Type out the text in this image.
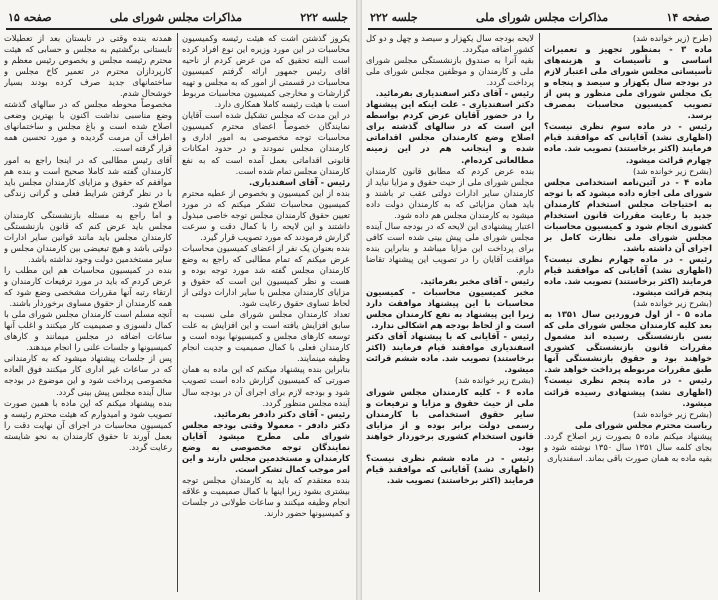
جلسه ۲۲۲
مذاکرات مجلس شورای ملی
صفحه ۱۵

یکروز گذشتن اشت که هیئت رئیسه وکمیسیون محاسبات در این مورد وزیره این نوع افراد کرده است البته تحقیق که من عرض کردم از ناحیه اقای رئیس جمهور ارائه گرفتم کمیسیون محاسبات در قسمتی از امور که به مجلس و تهیه گزارشات و مخارجی کمیسیون محاسبات مربوط است با هیئت رئیسه کاملا همکاری دارد.

در این مدت که مجلس تشکیل شده است آقایان نمایندگان خصوصاً اعضای محترم کمیسیون محاسبات توجه مخصوصی به امور اداری و کارمندان مجلس نمودند و در حدود امکانات قانونی اقداماتی بعمل آمده است که به نفع کارمندان مجلس تمام شده است.

رئیس - آقای اسفندیاری.

بنده از این کمیسیون و بخصوص از عطیه محترم کمیسیون محاسبات تشکر میکنم که در مورد تعیین حقوق کارمندان مجلس توجه خاصی مبذول داشتند و این لایحه را با کمال دقت و سرعت گزارش فرمودند که مورد تصویب قرار گیرد.

بنده بعنوان یک نفر از اعضای کمیسیون محاسبات عرض میکنم که تمام مطالبی که راجع به وضع کارمندان مجلس گفته شد مورد توجه بوده و هست و نظر کمیسیون این است که حقوق و مزایای کارمندان مجلس با سایر ادارات دولتی از لحاظ تساوی حقوق رعایت شود.

تعداد کارمندان مجلس شورای ملی نسبت به سابق افزایش یافته است و این افزایش به علت توسعه کارهای مجلس و کمیسیونها بوده است و کارمندان فعلی با کمال صمیمیت و جدیت انجام وظیفه مینمایند.

بنابراین بنده پیشنهاد میکنم که این ماده به همان صورتی که کمیسیون گزارش داده است تصویب شود و بودجه لازم برای اجرای آن در بودجه سال آینده مجلس منظور گردد.

رئیس - آقای دکتر دادفر بفرمائید.

دکتر دادفر - معمولا وقتی بودجه مجلس شورای ملی مطرح میشود آقایان نمایندگان توجه مخصوصی به وضع کارمندان و مستخدمین مجلس دارند و این امر موجب کمال تشکر است.

بنده معتقدم که باید به کارمندان مجلس توجه بیشتری بشود زیرا اینها با کمال صمیمیت و علاقه انجام وظیفه میکنند و ساعات طولانی در جلسات و کمیسیونها حضور دارند.

همدنه بنده وقتی در تابستان بعد از تعطیلات تابستانی برگشتیم به مجلس و حسابی که هیئت محترم رئیسه مجلس و بخصوص رئیس معظم و کارپردازان محترم در تعمیر کاخ مجلس و ساختمانهای جدید صرف کرده بودند بسیار خوشحال شدم.

مخصوصاً محوطه مجلس که در سالهای گذشته وضع مناسبی نداشت اکنون با بهترین وضعی اصلاح شده است و باغ مجلس و ساختمانهای اطراف آن مرمت گردیده و مورد تحسین همه قرار گرفته است.

آقای رئیس مطالبی که در اینجا راجع به امور کارمندان گفته شد کاملا صحیح است و بنده هم موافقم که حقوق و مزایای کارمندان مجلس باید با در نظر گرفتن شرایط فعلی و گرانی زندگی اصلاح شود.

و اما راجع به مسئله بازنشستگی کارمندان مجلس باید عرض کنم که قانون بازنشستگی کارمندان مجلس باید مانند قوانین سایر ادارات دولتی باشد و هیچ تبعیضی بین کارمندان مجلس و سایر مستخدمین دولت وجود نداشته باشد.

بنده در کمیسیون محاسبات هم این مطلب را عرض کردم که باید در مورد ترفیعات کارمندان و ارتقاء رتبه آنها مقررات مشخصی وضع شود که همه کارمندان از حقوق مساوی برخوردار باشند.

آنچه مسلم است کارمندان مجلس شورای ملی با کمال دلسوزی و صمیمیت کار میکنند و اغلب آنها ساعات اضافه در مجلس میمانند و کارهای کمیسیونها و جلسات علنی را انجام میدهند.

پس از جلسات پیشنهاد میشود که به کارمندانی که در ساعات غیر اداری کار میکنند فوق العاده مخصوصی پرداخت شود و این موضوع در بودجه سال آینده مجلس پیش بینی گردد.

بنده پیشنهاد میکنم که این ماده با همین صورت تصویب شود و امیدوارم که هیئت محترم رئیسه و کمیسیون محاسبات در اجرای آن نهایت دقت را بعمل آورند تا حقوق کارمندان به نحو شایسته رعایت گردد.

صفحه ۱۴
مذاکرات مجلس شورای ملی
جلسه ۲۲۲

(طرح (زیر خوانده شد)

ماده ۳ - بمنظور تجهیز و تعمیرات اساسی و تأسیسات و هزینه‌های تأسیساتی مجلس شورای ملی اعتبار لازم در بودجه سال یکهزار و سیصد و پنجاه و یک مجلس شورای ملی منظور و پس از تصویب کمیسیون محاسبات بمصرف برسد.

رئیس - در ماده سوم نظری نیست؟ (اظهاری نشد) آقایانی که موافقند قیام فرمایند (اکثر برخاستند) تصویب شد. ماده چهارم قرائت میشود.

(بشرح زیر خوانده شد)

ماده ۴ - در آئین‌نامه استخدامی مجلس شورای ملی اجازه داده میشود که با توجه به احتیاجات مجلس استخدام کارمندان جدید با رعایت مقررات قانون استخدام کشوری انجام شود و کمیسیون محاسبات مجلس شورای ملی نظارت کامل بر اجرای آن داشته باشد.

رئیس - در ماده چهارم نظری نیست؟ (اظهاری نشد) آقایانی که موافقند قیام فرمایند (اکثر برخاستند) تصویب شد. ماده پنجم قرائت میشود.

(بشرح زیر خوانده شد)

ماده ۵ - از اول فروردین سال ۱۳۵۱ به بعد کلیه کارمندان مجلس شورای ملی که بسن بازنشستگی رسیده اند مشمول مقررات قانون بازنشستگی کشوری خواهند بود و حقوق بازنشستگی آنها طبق مقررات مربوطه پرداخت خواهد شد.

رئیس - در ماده پنجم نظری نیست؟ (اظهاری نشد) پیشنهادی رسیده قرائت میشود.

(بشرح زیر خوانده شد)

ریاست محترم مجلس شورای ملی

پیشنهاد میکنم ماده ۵ بصورت زیر اصلاح گردد. بجای کلمه سال ۱۳۵۱ سال ۱۳۵۰ نوشته شود و بقیه ماده به همان صورت باقی بماند. اسفندیاری

لایحه بودجه سال یکهزار و سیصد و چهل و دو کل کشور اضافه میگردد.

بقیه آنرا به صندوق بازنشستگی مجلس شورای ملی و کارمندان و موظفین مجلس شورای ملی پرداخت گردد.

رئیس - آقای دکتر اسفندیاری بفرمائید.

دکتر اسفندیاری - علت اینکه این پیشنهاد را در حضور آقایان عرض کردم بواسطه این است که در سالهای گذشته برای اصلاح وضع کارمندان مجلس اقداماتی شده و اینجانب هم در این زمینه مطالعاتی کرده‌ام.

بنده عرض کردم که مطابق قانون کارمندان مجلس شورای ملی از حیث حقوق و مزایا نباید از کارمندان سایر ادارات دولتی عقب تر باشند و باید همان مزایائی که به کارمندان دولت داده میشود به کارمندان مجلس هم داده شود.

اعتبار پیشنهادی این لایحه که در بودجه سال آینده مجلس شورای ملی پیش بینی شده است کافی برای پرداخت این مزایا میباشد و بنابراین بنده موافقت آقایان را در تصویب این پیشنهاد تقاضا دارم.

رئیس - آقای مخبر بفرمائید.

مخبر کمیسیون محاسبات - کمیسیون محاسبات با این پیشنهاد موافقت دارد زیرا این پیشنهاد به نفع کارمندان مجلس است و از لحاظ بودجه هم اشکالی ندارد.

رئیس - آقایانی که با پیشنهاد آقای دکتر اسفندیاری موافقند قیام فرمایند (اکثر برخاستند) تصویب شد. ماده ششم قرائت میشود.

(بشرح زیر خوانده شد)

ماده ۶ - کلیه کارمندان مجلس شورای ملی از حیث حقوق و مزایا و ترفیعات و سایر حقوق استخدامی با کارمندان رسمی دولت برابر بوده و از مزایای قانون استخدام کشوری برخوردار خواهند بود.

رئیس - در ماده ششم نظری نیست؟ (اظهاری نشد) آقایانی که موافقند قیام فرمایند (اکثر برخاستند) تصویب شد.
